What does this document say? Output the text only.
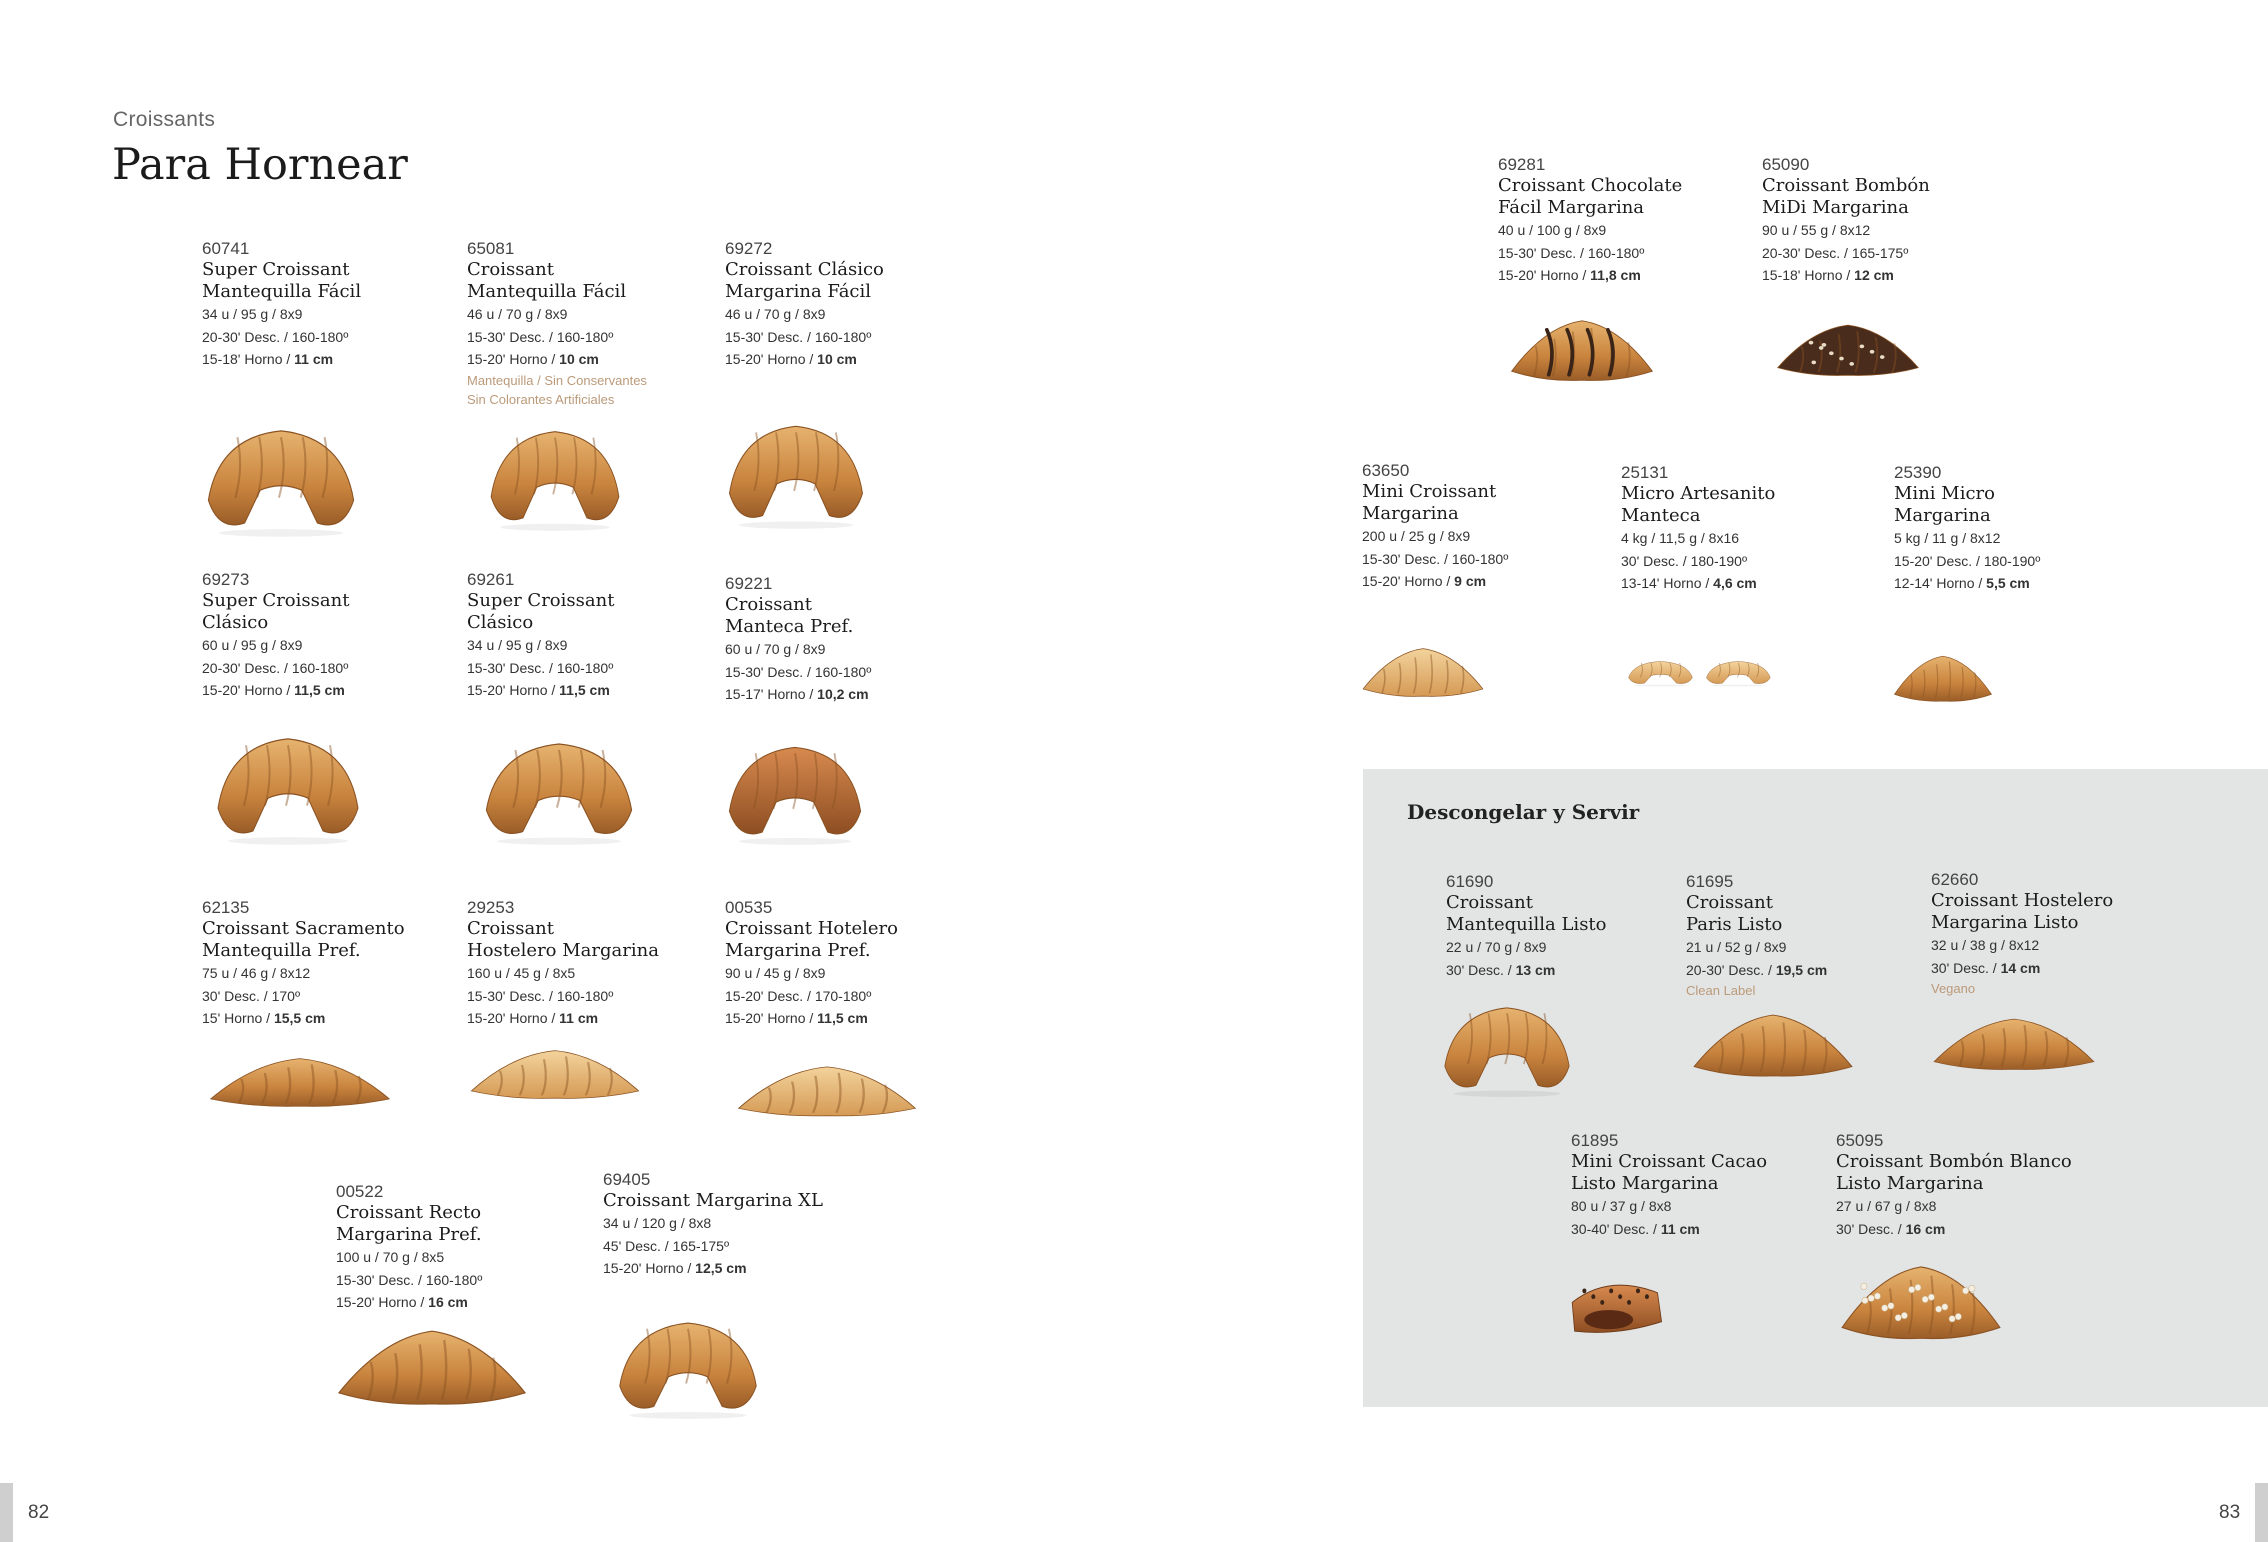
Croissants
Para Hornear
Descongelar y Servir
82	83
60741
Super Croissant
Mantequilla Fácil
34 u / 95 g / 8x9
20-30' Desc. / 160-180º
15-18' Horno / 11 cm
65081
Croissant
Mantequilla Fácil
46 u / 70 g / 8x9
15-30' Desc. / 160-180º
15-20' Horno / 10 cm
Mantequilla / Sin Conservantes
Sin Colorantes Artificiales
69272
Croissant Clásico
Margarina Fácil
46 u / 70 g / 8x9
15-30' Desc. / 160-180º
15-20' Horno / 10 cm
69273
Super Croissant
Clásico
60 u / 95 g / 8x9
20-30' Desc. / 160-180º
15-20' Horno / 11,5 cm
69261
Super Croissant
Clásico
34 u / 95 g / 8x9
15-30' Desc. / 160-180º
15-20' Horno / 11,5 cm
69221
Croissant
Manteca Pref.
60 u / 70 g / 8x9
15-30' Desc. / 160-180º
15-17' Horno / 10,2 cm
62135
Croissant Sacramento
Mantequilla Pref.
75 u / 46 g / 8x12
30' Desc. / 170º
15' Horno / 15,5 cm
29253
Croissant
Hostelero Margarina
160 u / 45 g / 8x5
15-30' Desc. / 160-180º
15-20' Horno / 11 cm
00535
Croissant Hotelero
Margarina Pref.
90 u / 45 g / 8x9
15-20' Desc. / 170-180º
15-20' Horno / 11,5 cm
00522
Croissant Recto
Margarina Pref.
100 u / 70 g / 8x5
15-30' Desc. / 160-180º
15-20' Horno / 16 cm
69405
Croissant Margarina XL
34 u / 120 g / 8x8
45' Desc. / 165-175º
15-20' Horno / 12,5 cm
69281
Croissant Chocolate
Fácil Margarina
40 u / 100 g / 8x9
15-30' Desc. / 160-180º
15-20' Horno / 11,8 cm
65090
Croissant Bombón
MiDi Margarina
90 u / 55 g / 8x12
20-30' Desc. / 165-175º
15-18' Horno / 12 cm
63650
Mini Croissant
Margarina
200 u / 25 g / 8x9
15-30' Desc. / 160-180º
15-20' Horno / 9 cm
25131
Micro Artesanito
Manteca
4 kg / 11,5 g / 8x16
30' Desc. / 180-190º
13-14' Horno / 4,6 cm
25390
Mini Micro
Margarina
5 kg / 11 g / 8x12
15-20' Desc. / 180-190º
12-14' Horno / 5,5 cm
61690
Croissant
Mantequilla Listo
22 u / 70 g / 8x9
30' Desc. / 13 cm
61695
Croissant
Paris Listo
21 u / 52 g / 8x9
20-30' Desc. / 19,5 cm
Clean Label
62660
Croissant Hostelero
Margarina Listo
32 u / 38 g / 8x12
30' Desc. / 14 cm
Vegano
61895
Mini Croissant Cacao
Listo Margarina
80 u / 37 g / 8x8
30-40' Desc. / 11 cm
65095
Croissant Bombón Blanco
Listo Margarina
27 u / 67 g / 8x8
30' Desc. / 16 cm
